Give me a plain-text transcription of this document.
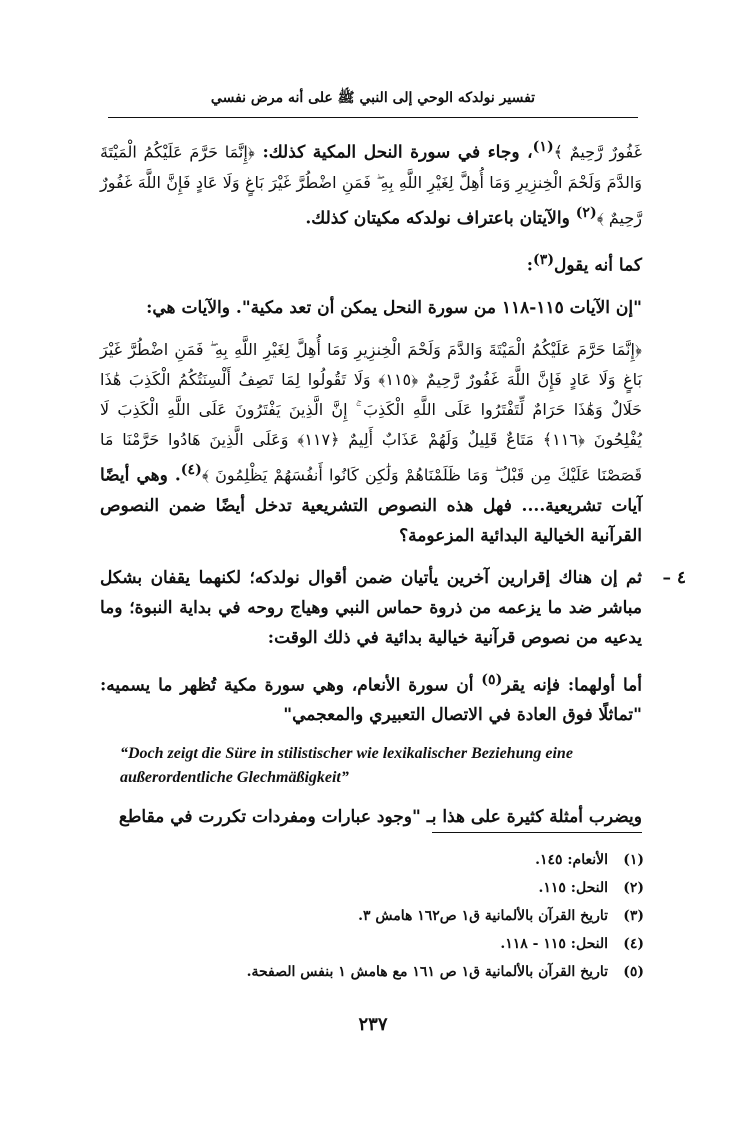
تفسير نولدكه الوحي إلى النبي ﷺ على أنه مرض نفسي

غَفُورٌ رَّحِيمٌ ﴾$^{(١)}$، وجاء في سورة النحل المكية كذلك: ﴿إِنَّمَا حَرَّمَ عَلَيْكُمُ الْمَيْتَةَ وَالدَّمَ وَلَحْمَ الْخِنزِيرِ وَمَا أُهِلَّ لِغَيْرِ اللَّهِ بِهِ ۖ فَمَنِ اضْطُرَّ غَيْرَ بَاغٍ وَلَا عَادٍ فَإِنَّ اللَّهَ غَفُورٌ رَّحِيمٌ ﴾$^{(٢)}$ والآيتان باعتراف نولدكه مكيتان كذلك.

كما أنه يقول$^{(٣)}$:

"إن الآيات ١١٥-١١٨ من سورة النحل يمكن أن تعد مكية". والآيات هي:

﴿إِنَّمَا حَرَّمَ عَلَيْكُمُ الْمَيْتَةَ وَالدَّمَ وَلَحْمَ الْخِنزِيرِ وَمَا أُهِلَّ لِغَيْرِ اللَّهِ بِهِ ۖ فَمَنِ اضْطُرَّ غَيْرَ بَاغٍ وَلَا عَادٍ فَإِنَّ اللَّهَ غَفُورٌ رَّحِيمٌ ﴿١١٥﴾ وَلَا تَقُولُوا لِمَا تَصِفُ أَلْسِنَتُكُمُ الْكَذِبَ هَٰذَا حَلَالٌ وَهَٰذَا حَرَامٌ لِّتَفْتَرُوا عَلَى اللَّهِ الْكَذِبَ ۚ إِنَّ الَّذِينَ يَفْتَرُونَ عَلَى اللَّهِ الْكَذِبَ لَا يُفْلِحُونَ ﴿١١٦﴾ مَتَاعٌ قَلِيلٌ وَلَهُمْ عَذَابٌ أَلِيمٌ ﴿١١٧﴾ وَعَلَى الَّذِينَ هَادُوا حَرَّمْنَا مَا قَصَصْنَا عَلَيْكَ مِن قَبْلُ ۖ وَمَا ظَلَمْنَاهُمْ وَلَٰكِن كَانُوا أَنفُسَهُمْ يَظْلِمُونَ ﴾$^{(٤)}$. وهي أيضًا آيات تشريعية.... فهل هذه النصوص التشريعية تدخل أيضًا ضمن النصوص القرآنية الخيالية البدائية المزعومة؟

٤ –
ثم إن هناك إقرارين آخرين يأتيان ضمن أقوال نولدكه؛ لكنهما يقفان بشكل مباشر ضد ما يزعمه من ذروة حماس النبي وهياج روحه في بداية النبوة؛ وما يدعيه من نصوص قرآنية خيالية بدائية في ذلك الوقت:

أما أولهما: فإنه يقر$^{(٥)}$ أن سورة الأنعام، وهي سورة مكية تُظهر ما يسميه: "تماثلًا فوق العادة في الاتصال التعبيري والمعجمي"

“Doch zeigt die Süre in stilistischer wie lexikalischer Beziehung eine außerordentliche Glechmäßigkeit”

ويضرب أمثلة كثيرة على هذا بـ "وجود عبارات ومفردات تكررت في مقاطع

(١)
الأنعام: ١٤٥.
(٢)
النحل: ١١٥.
(٣)
تاريخ القرآن بالألمانية ق١ ص١٦٢ هامش ٣.
(٤)
النحل: ١١٥ - ١١٨.
(٥)
تاريخ القرآن بالألمانية ق١ ص ١٦١ مع هامش ١ بنفس الصفحة.
٢٣٧
